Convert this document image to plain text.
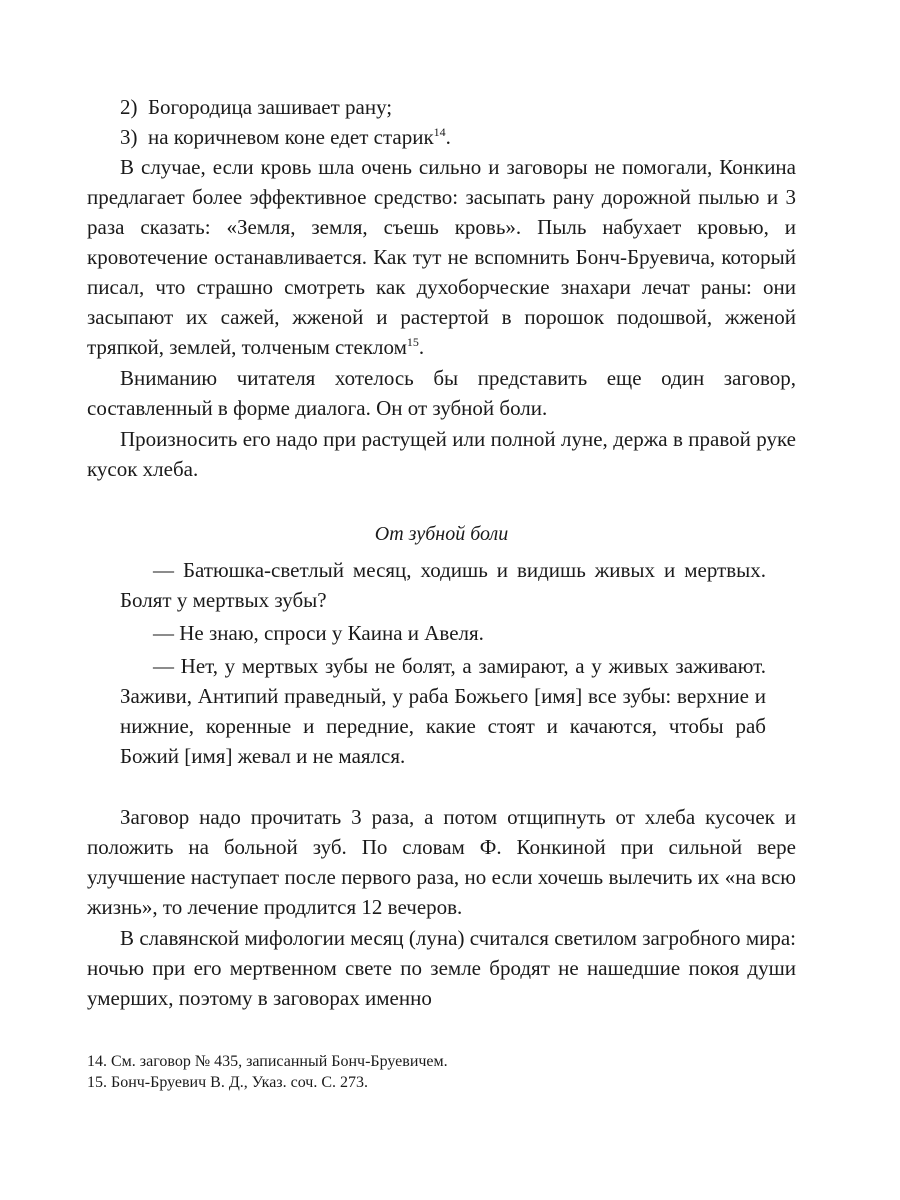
2) Богородица зашивает рану;
3) на коричневом коне едет старик$^{14}$.

В случае, если кровь шла очень сильно и заговоры не помогали, Конкина предлагает более эффективное средство: засыпать рану дорожной пылью и 3 раза сказать: «Земля, земля, съешь кровь». Пыль набухает кровью, и кровотечение останавливается. Как тут не вспомнить Бонч-Бруевича, который писал, что страшно смотреть как духоборческие знахари лечат раны: они засыпают их сажей, жженой и растертой в порошок подошвой, жженой тряпкой, землей, толченым стеклом$^{15}$.

Вниманию читателя хотелось бы представить еще один заговор, составленный в форме диалога. Он от зубной боли.

Произносить его надо при растущей или полной луне, держа в правой руке кусок хлеба.

От зубной боли

— Батюшка-светлый месяц, ходишь и видишь живых и мертвых. Болят у мертвых зубы?

— Не знаю, спроси у Каина и Авеля.

— Нет, у мертвых зубы не болят, а замирают, а у живых заживают. Заживи, Антипий праведный, у раба Божьего [имя] все зубы: верхние и нижние, коренные и передние, какие стоят и качаются, чтобы раб Божий [имя] жевал и не маялся.

Заговор надо прочитать 3 раза, а потом отщипнуть от хлеба кусочек и положить на больной зуб. По словам Ф. Конкиной при сильной вере улучшение наступает после первого раза, но если хочешь вылечить их «на всю жизнь», то лечение продлится 12 вечеров.

В славянской мифологии месяц (луна) считался светилом загробного мира: ночью при его мертвенном свете по земле бродят не нашедшие покоя души умерших, поэтому в заговорах именно

14. См. заговор № 435, записанный Бонч-Бруевичем.
15. Бонч-Бруевич В. Д., Указ. соч. С. 273.
